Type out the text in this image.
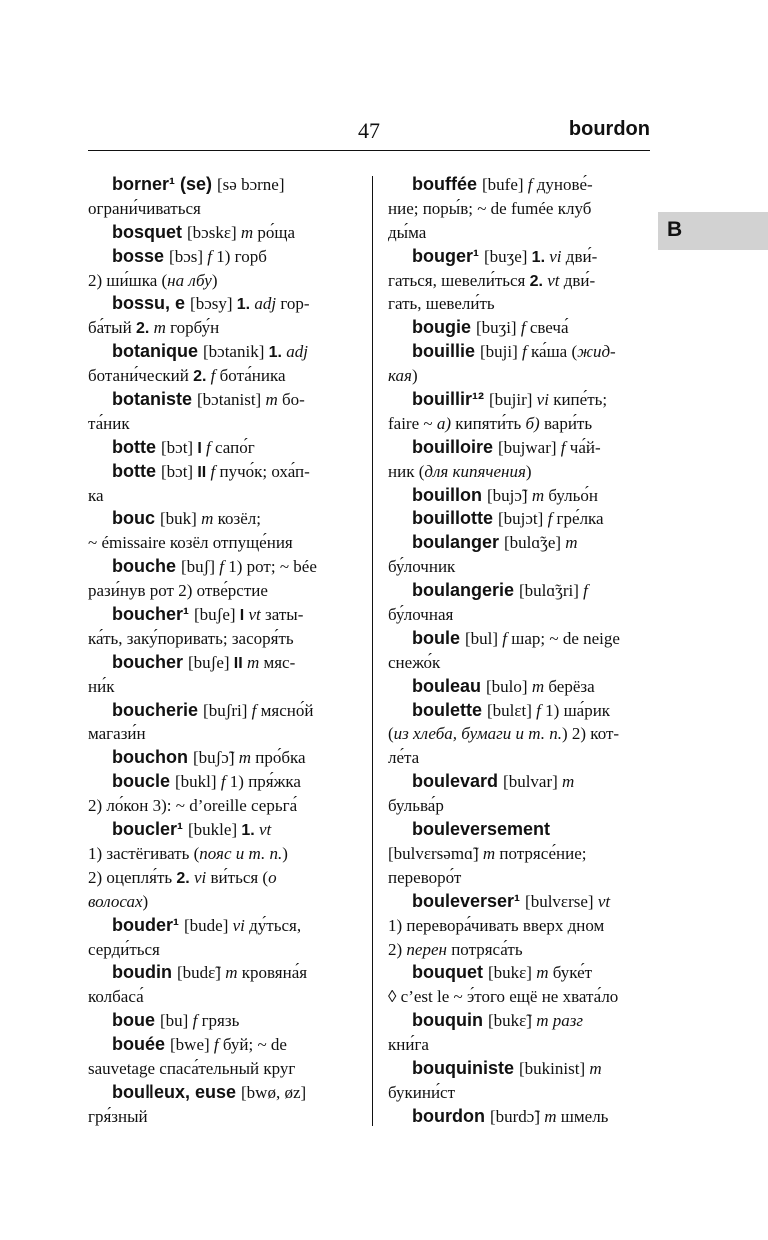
47	bourdon
B
borner¹ (se) [sə bɔrne]
ограни́чиваться
bosquet [bɔskɛ] m ро́ща
bosse [bɔs] f 1) горб
2) ши́шка (на лбу)
bossu, e [bɔsy] 1. adj гор-
ба́тый 2. m горбу́н
botanique [bɔtanik] 1. adj
ботани́ческий 2. f бота́ника
botaniste [bɔtanist] m бо-
та́ник
botte [bɔt] I f сапо́г
botte [bɔt] II f пучо́к; оха́п-
ка
bouc [buk] m козёл;
~ émissaire козёл отпуще́ния
bouche [buʃ] f 1) рот; ~ bée
рази́нув рот 2) отве́рстие
boucher¹ [buʃe] I vt заты-
ка́ть, заку́поривать; засоря́ть
boucher [buʃe] II m мяс-
ни́к
boucherie [buʃri] f мясно́й
магази́н
bouchon [buʃɔ̃] m про́бка
boucle [bukl] f 1) пря́жка
2) ло́кон 3): ~ d’oreille серьга́
boucler¹ [bukle] 1. vt
1) застёгивать (пояс и т. п.)
2) оцепля́ть 2. vi ви́ться (о
волосах)
bouder¹ [bude] vi ду́ться,
серди́ться
boudin [budɛ̃] m кровяна́я
колбаса́
boue [bu] f грязь
bouée [bwe] f буй; ~ de
sauvetage спаса́тельный круг
bou‖eux, euse [bwø, øz]
гря́зный
bouffée [bufe] f дунове́-
ние; поры́в; ~ de fumée клуб
ды́ма
bouger¹ [buʒe] 1. vi дви́-
гаться, шевели́ться 2. vt дви́-
гать, шевели́ть
bougie [buʒi] f свеча́
bouillie [buji] f ка́ша (жид-
кая)
bouillir¹² [bujir] vi кипе́ть;
faire ~ а) кипяти́ть б) вари́ть
bouilloire [bujwar] f ча́й-
ник (для кипячения)
bouillon [bujɔ̃] m бульо́н
bouillotte [bujɔt] f гре́лка
boulanger [bulɑ̃ʒe] m
бу́лочник
boulangerie [bulɑ̃ʒri] f
бу́лочная
boule [bul] f шар; ~ de neige
снежо́к
bouleau [bulo] m берёза
boulette [bulɛt] f 1) ша́рик
(из хлеба, бумаги и т. п.) 2) кот-
ле́та
boulevard [bulvar] m
бульва́р
bouleversement
[bulvɛrsəmɑ̃] m потрясе́ние;
переворо́т
bouleverser¹ [bulvɛrse] vt
1) перевора́чивать вверх дном
2) перен потряса́ть
bouquet [bukɛ] m буке́т
◊ c’est le ~ э́того ещё не хвата́ло
bouquin [bukɛ̃] m разг
кни́га
bouquiniste [bukinist] m
букини́ст
bourdon [burdɔ̃] m шмель
